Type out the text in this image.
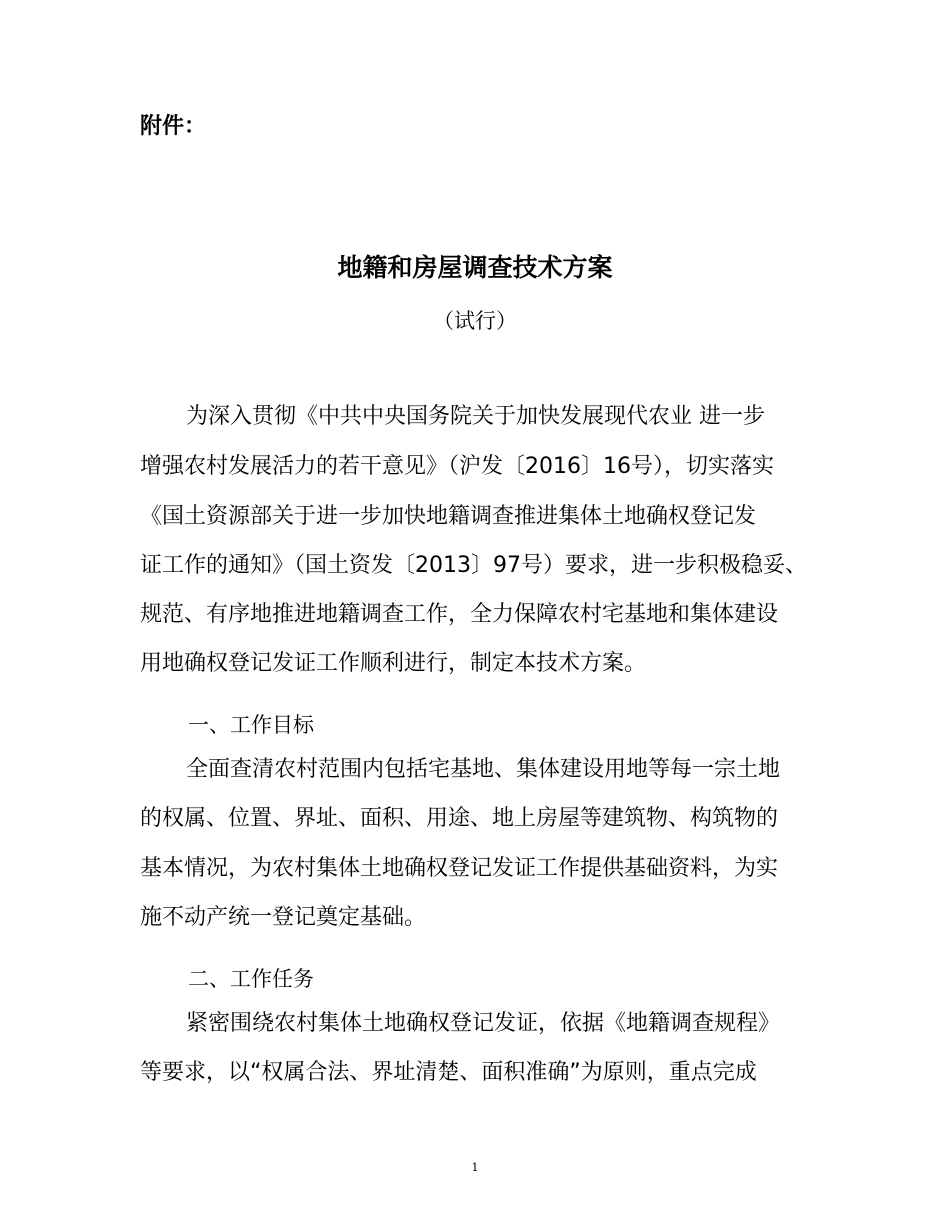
附件：
地籍和房屋调查技术方案
（试行）
为深入贯彻《中共中央国务院关于加快发展现代农业 进一步
增强农村发展活力的若干意见》（沪发〔2016〕16号），切实落实
《国土资源部关于进一步加快地籍调查推进集体土地确权登记发
证工作的通知》（国土资发〔2013〕97号）要求，进一步积极稳妥、
规范、有序地推进地籍调查工作，全力保障农村宅基地和集体建设
用地确权登记发证工作顺利进行，制定本技术方案。
一、工作目标
全面查清农村范围内包括宅基地、集体建设用地等每一宗土地
的权属、位置、界址、面积、用途、地上房屋等建筑物、构筑物的
基本情况，为农村集体土地确权登记发证工作提供基础资料，为实
施不动产统一登记奠定基础。
二、工作任务
紧密围绕农村集体土地确权登记发证，依据《地籍调查规程》
等要求，以“权属合法、界址清楚、面积准确”为原则，重点完成
1
